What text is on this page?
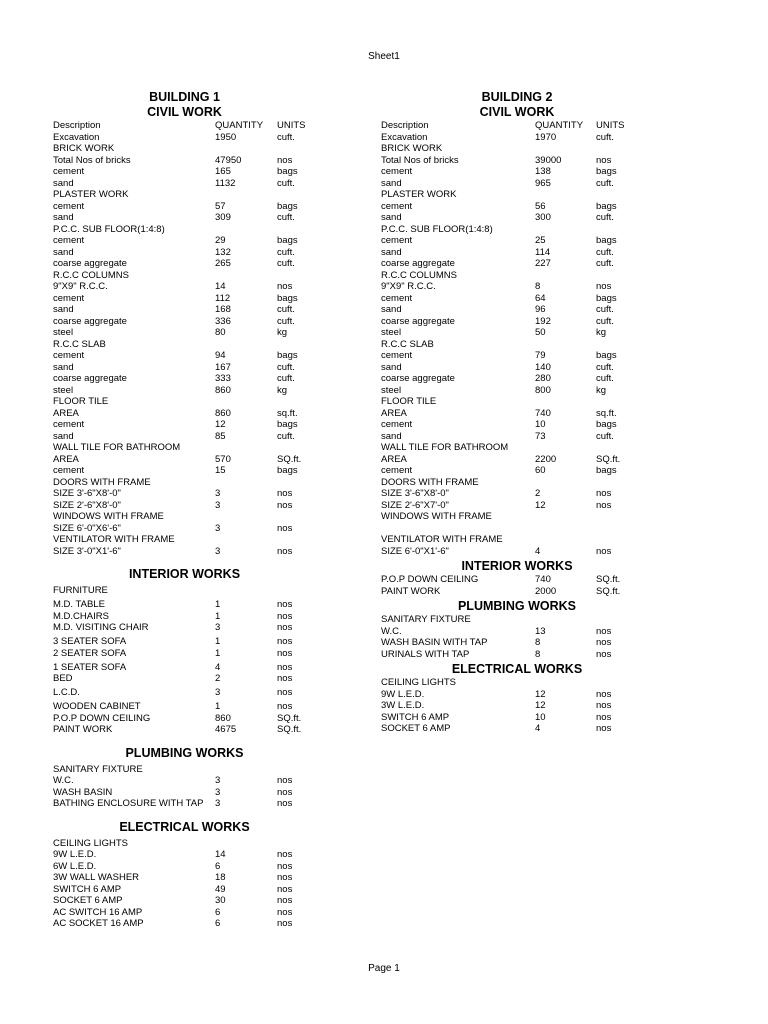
Sheet1
BUILDING 1
CIVIL WORK
Description	QUANTITY UNITS
Excavation	1950	cuft.
BRICK WORK
Total Nos of bricks	47950	nos
cement	165	bags
sand	1132	cuft.
PLASTER WORK
cement	57	bags
sand	309	cuft.
P.C.C. SUB FLOOR(1:4:8)
cement	29	bags
sand	132	cuft.
coarse aggregate	265	cuft.
R.C.C COLUMNS
9"X9" R.C.C.	14	nos
cement	112	bags
sand	168	cuft.
coarse aggregate	336	cuft.
steel	80	kg
R.C.C SLAB
cement	94	bags
sand	167	cuft.
coarse aggregate	333	cuft.
steel	860	kg
FLOOR TILE
AREA	860	sq.ft.
cement	12	bags
sand	85	cuft.
WALL TILE FOR BATHROOM
AREA	570	SQ.ft.
cement	15	bags
DOORS WITH FRAME
SIZE 3'-6"X8'-0"	3	nos
SIZE 2'-6"X8'-0"	3	nos
WINDOWS WITH FRAME
SIZE 6'-0"X6'-6"	3	nos
VENTILATOR WITH FRAME
SIZE 3'-0"X1'-6"	3	nos
INTERIOR WORKS
FURNITURE
M.D. TABLE	1	nos
M.D.CHAIRS	1	nos
M.D. VISITING CHAIR	3	nos
3 SEATER SOFA	1	nos
2 SEATER SOFA	1	nos
1 SEATER SOFA	4	nos
BED	2	nos
L.C.D.	3	nos
WOODEN CABINET	1	nos
P.O.P DOWN CEILING	860	SQ.ft.
PAINT WORK	4675	SQ.ft.
PLUMBING WORKS
SANITARY FIXTURE
W.C.	3	nos
WASH BASIN	3	nos
BATHING ENCLOSURE WITH TAP 3	nos
ELECTRICAL WORKS
CEILING LIGHTS
9W L.E.D.	14	nos
6W L.E.D.	6	nos
3W WALL WASHER	18	nos
SWITCH 6 AMP	49	nos
SOCKET 6 AMP	30	nos
AC SWITCH 16 AMP	6	nos
AC SOCKET 16 AMP	6	nos
BUILDING 2
CIVIL WORK
Description	QUANTITY UNITS
Excavation	1970	cuft.
BRICK WORK
Total Nos of bricks	39000	nos
cement	138	bags
sand	965	cuft.
PLASTER WORK
cement	56	bags
sand	300	cuft.
P.C.C. SUB FLOOR(1:4:8)
cement	25	bags
sand	114	cuft.
coarse aggregate	227	cuft.
R.C.C COLUMNS
9"X9" R.C.C.	8	nos
cement	64	bags
sand	96	cuft.
coarse aggregate	192	cuft.
steel	50	kg
R.C.C SLAB
cement	79	bags
sand	140	cuft.
coarse aggregate	280	cuft.
steel	800	kg
FLOOR TILE
AREA	740	sq.ft.
cement	10	bags
sand	73	cuft.
WALL TILE FOR BATHROOM
AREA	2200	SQ.ft.
cement	60	bags
DOORS WITH FRAME
SIZE 3'-6"X8'-0"	2	nos
SIZE 2'-6"X7'-0"	12	nos
WINDOWS WITH FRAME
VENTILATOR WITH FRAME
SIZE 6'-0"X1'-6"	4	nos
INTERIOR WORKS
P.O.P DOWN CEILING	740	SQ.ft.
PAINT WORK	2000	SQ.ft.
PLUMBING WORKS
SANITARY FIXTURE
W.C.	13	nos
WASH BASIN WITH TAP	8	nos
URINALS WITH TAP	8	nos
ELECTRICAL WORKS
CEILING LIGHTS
9W L.E.D.	12	nos
3W L.E.D.	12	nos
SWITCH 6 AMP	10	nos
SOCKET 6 AMP	4	nos
Page 1
